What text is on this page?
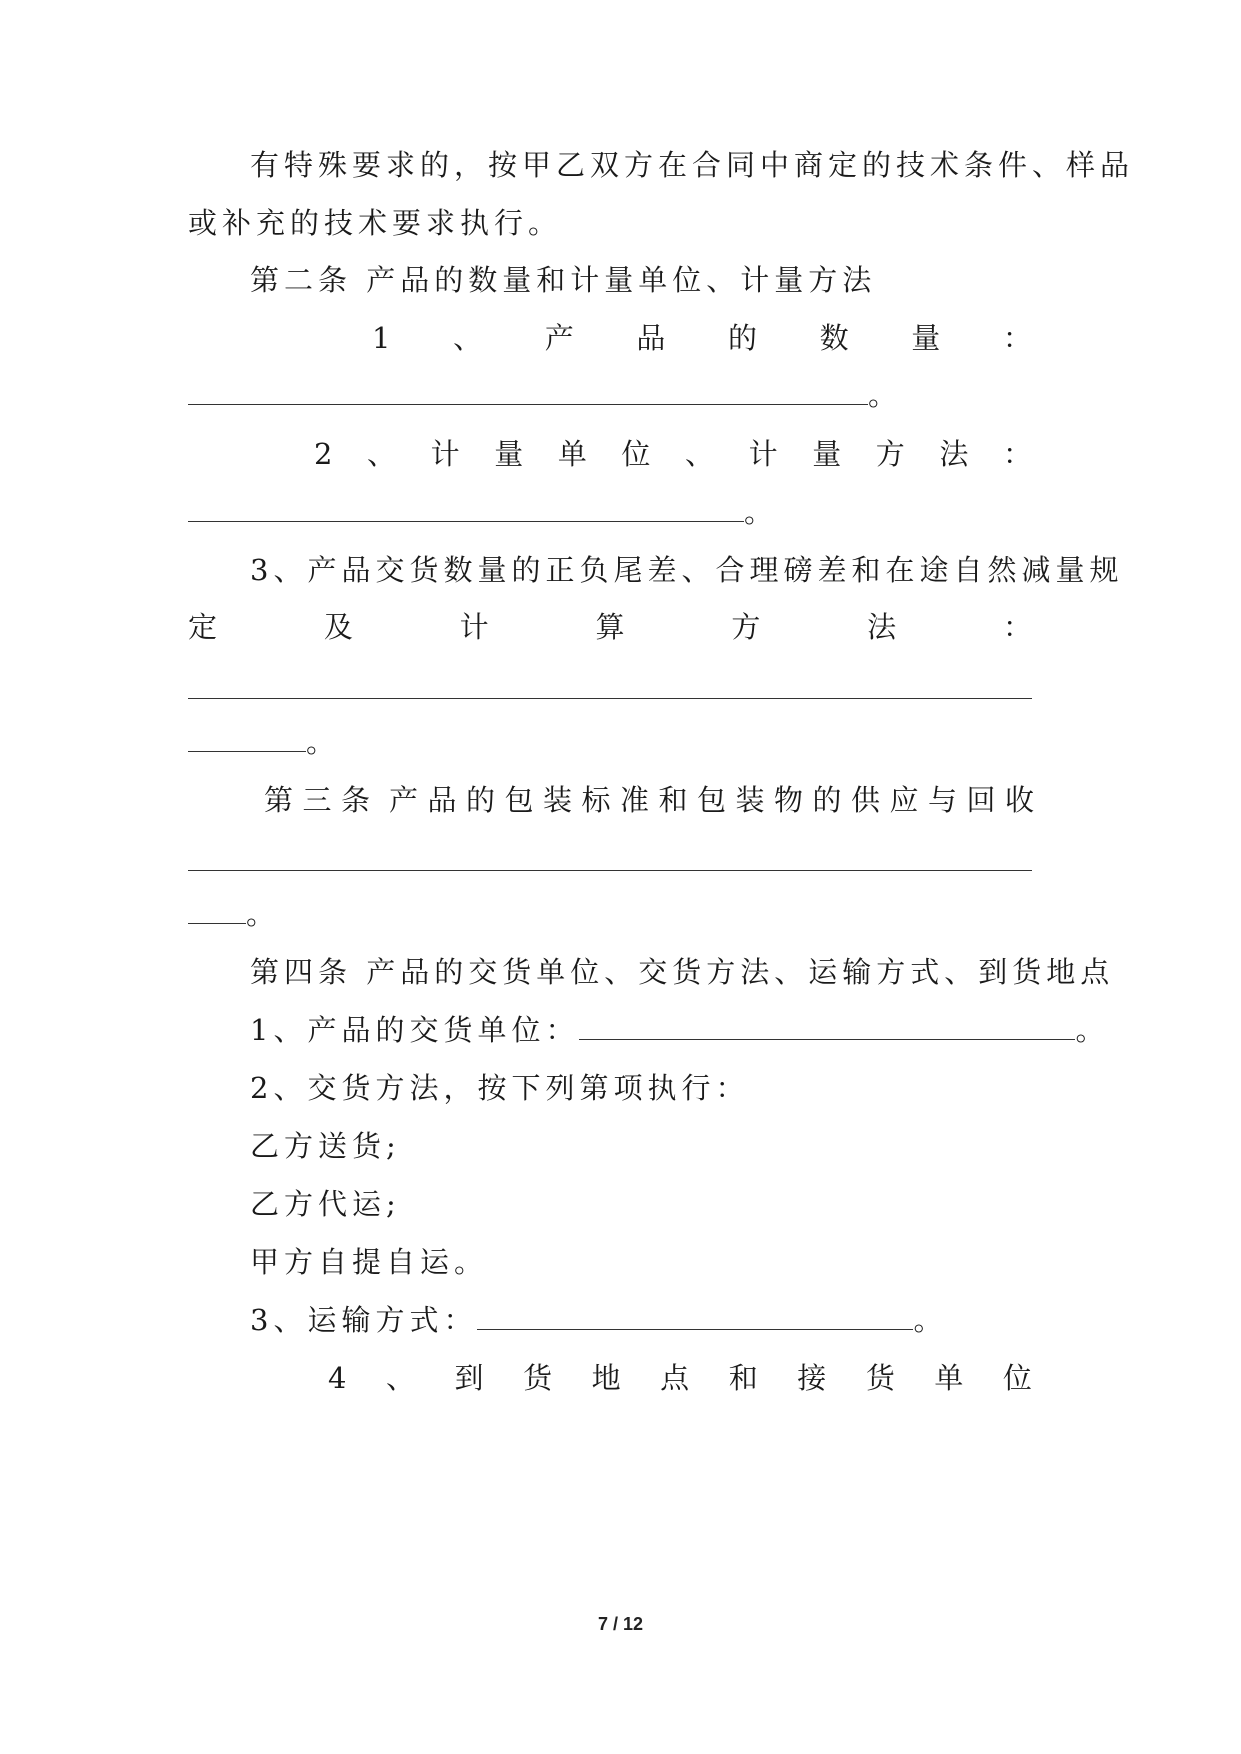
有特殊要求的，按甲乙双方在合同中商定的技术条件、样品
或补充的技术要求执行。
第二条 产品的数量和计量单位、计量方法
1 、 产 品 的 数 量 ：
。
2 、 计 量 单 位 、 计 量 方 法 ：
。
3、产品交货数量的正负尾差、合理磅差和在途自然减量规
定	及	计	算	方	法	：
。
第 三 条 产 品 的 包 装 标 准 和 包 装 物 的 供 应 与 回 收
。
第四条 产品的交货单位、交货方法、运输方式、到货地点
1、产品的交货单位：	。
2、交货方法，按下列第项执行：
乙方送货;
乙方代运;
甲方自提自运。
3、运输方式：	。
4 、 到 货 地 点 和 接 货 单 位
7 / 12
